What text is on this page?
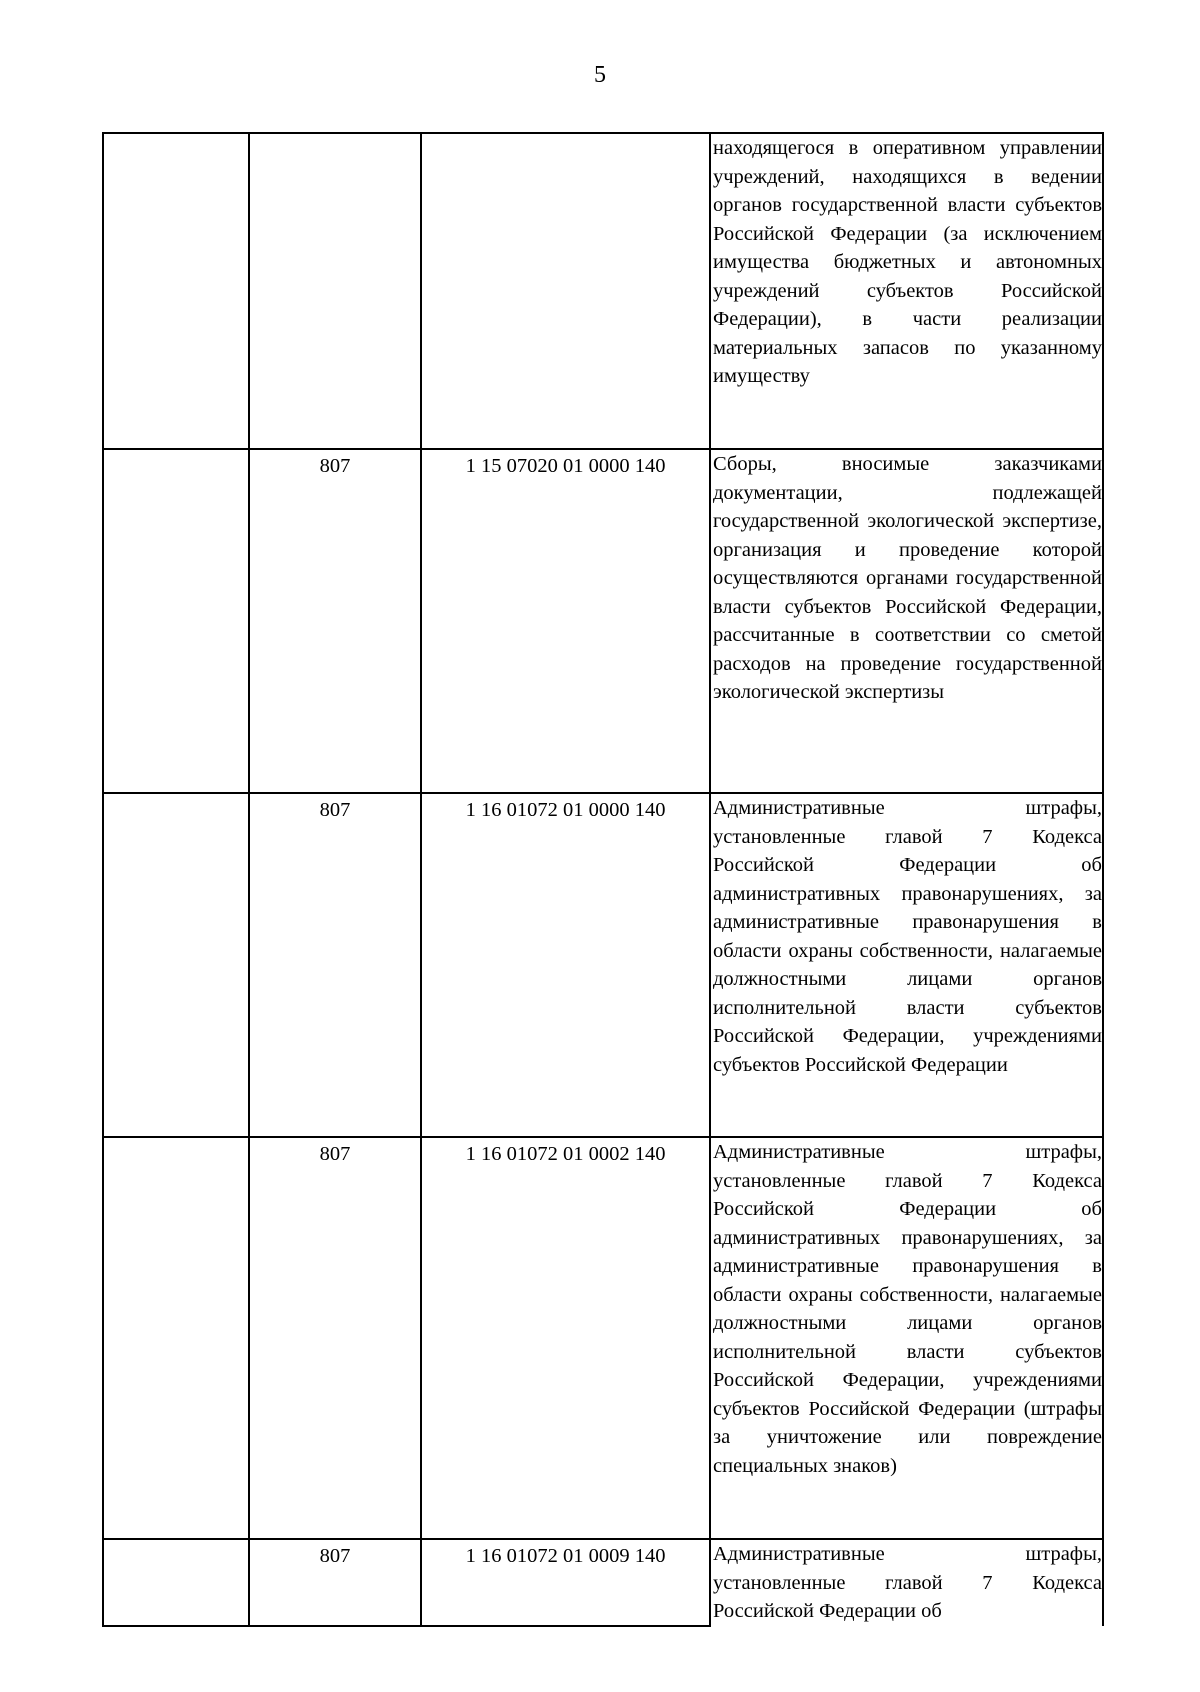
5
			находящегося в оперативном управлении учреждений, находящихся в ведении органов государственной власти субъектов Российской Федерации (за исключением имущества бюджетных и автономных учреждений субъектов Российской Федерации), в части реализации материальных запасов по указанному имуществу
	807	1 15 07020 01 0000 140	Сборы, вносимые заказчиками документации, подлежащей государственной экологической экспертизе, организация и проведение которой осуществляются органами государственной власти субъектов Российской Федерации, рассчитанные в соответствии со сметой расходов на проведение государственной экологической экспертизы
	807	1 16 01072 01 0000 140	Административные штрафы, установленные главой 7 Кодекса Российской Федерации об административных правонарушениях, за административные правонарушения в области охраны собственности, налагаемые должностными лицами органов исполнительной власти субъектов Российской Федерации, учреждениями субъектов Российской Федерации
	807	1 16 01072 01 0002 140	Административные штрафы, установленные главой 7 Кодекса Российской Федерации об административных правонарушениях, за административные правонарушения в области охраны собственности, налагаемые должностными лицами органов исполнительной власти субъектов Российской Федерации, учреждениями субъектов Российской Федерации (штрафы за уничтожение или повреждение специальных знаков)
	807	1 16 01072 01 0009 140	Административные штрафы, установленные главой 7 Кодекса Российской Федерации об
